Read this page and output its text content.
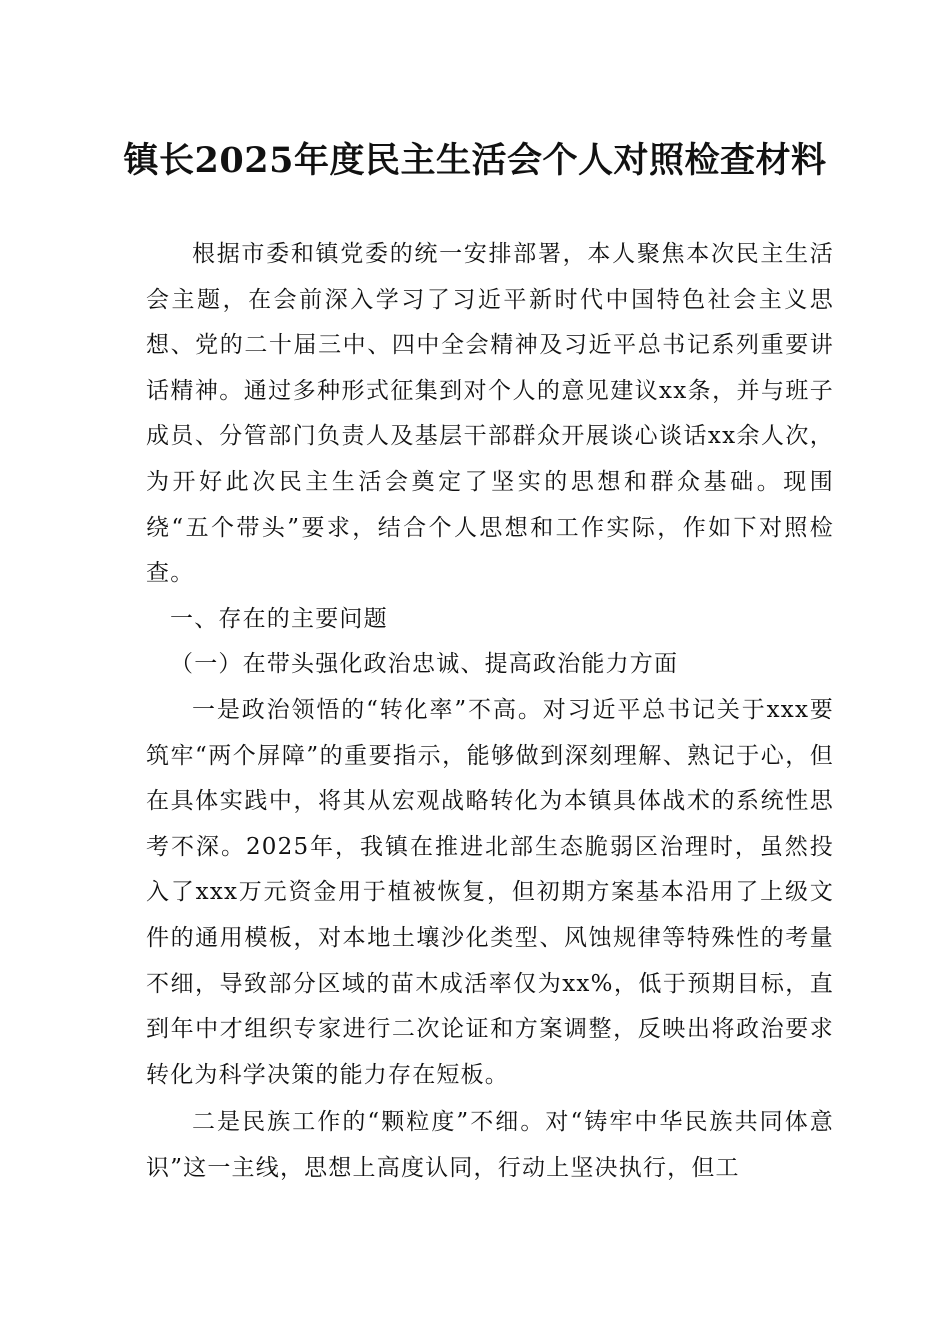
镇长2025年度民主生活会个人对照检查材料

根据市委和镇党委的统一安排部署，本人聚焦本次民主生活会主题，在会前深入学习了习近平新时代中国特色社会主义思想、党的二十届三中、四中全会精神及习近平总书记系列重要讲话精神。通过多种形式征集到对个人的意见建议xx条，并与班子成员、分管部门负责人及基层干部群众开展谈心谈话xx余人次，为开好此次民主生活会奠定了坚实的思想和群众基础。现围绕“五个带头”要求，结合个人思想和工作实际，作如下对照检查。

一、存在的主要问题

（一）在带头强化政治忠诚、提高政治能力方面

一是政治领悟的“转化率”不高。对习近平总书记关于xxx要筑牢“两个屏障”的重要指示，能够做到深刻理解、熟记于心，但在具体实践中，将其从宏观战略转化为本镇具体战术的系统性思考不深。2025年，我镇在推进北部生态脆弱区治理时，虽然投入了xxx万元资金用于植被恢复，但初期方案基本沿用了上级文件的通用模板，对本地土壤沙化类型、风蚀规律等特殊性的考量不细，导致部分区域的苗木成活率仅为xx%，低于预期目标，直到年中才组织专家进行二次论证和方案调整，反映出将政治要求转化为科学决策的能力存在短板。

二是民族工作的“颗粒度”不细。对“铸牢中华民族共同体意识”这一主线，思想上高度认同，行动上坚决执行，但工
